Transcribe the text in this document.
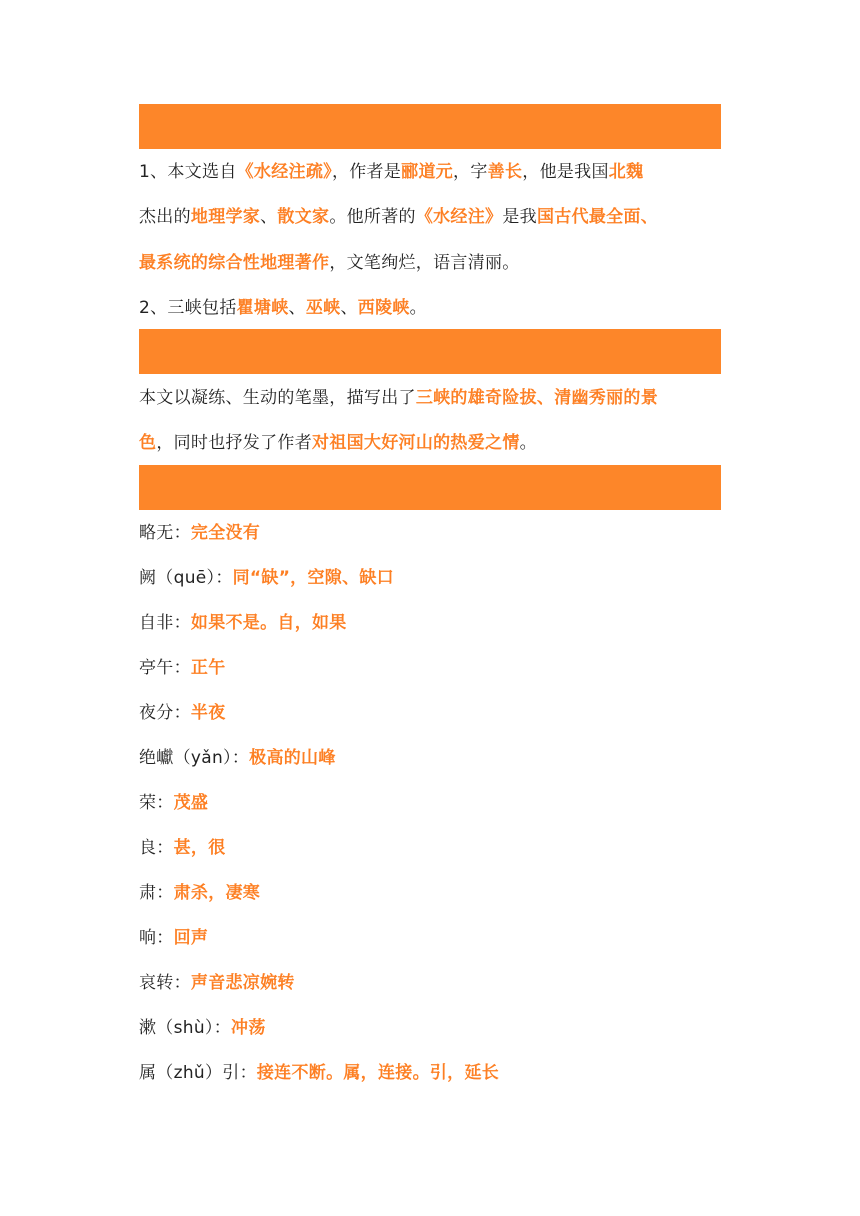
1、本文选自《水经注疏》，作者是郦道元，字善长，他是我国北魏
杰出的地理学家、散文家。他所著的《水经注》是我国古代最全面、
最系统的综合性地理著作，文笔绚烂，语言清丽。
2、三峡包括瞿塘峡、巫峡、西陵峡。
本文以凝练、生动的笔墨，描写出了三峡的雄奇险拔、清幽秀丽的景
色，同时也抒发了作者对祖国大好河山的热爱之情。
略无：完全没有
阙（quē）：同“缺”，空隙、缺口
自非：如果不是。自，如果
亭午：正午
夜分：半夜
绝巘（yǎn）：极高的山峰
荣：茂盛
良：甚，很
肃：肃杀，凄寒
响：回声
哀转：声音悲凉婉转
漱（shù）：冲荡
属（zhǔ）引：接连不断。属，连接。引，延长
